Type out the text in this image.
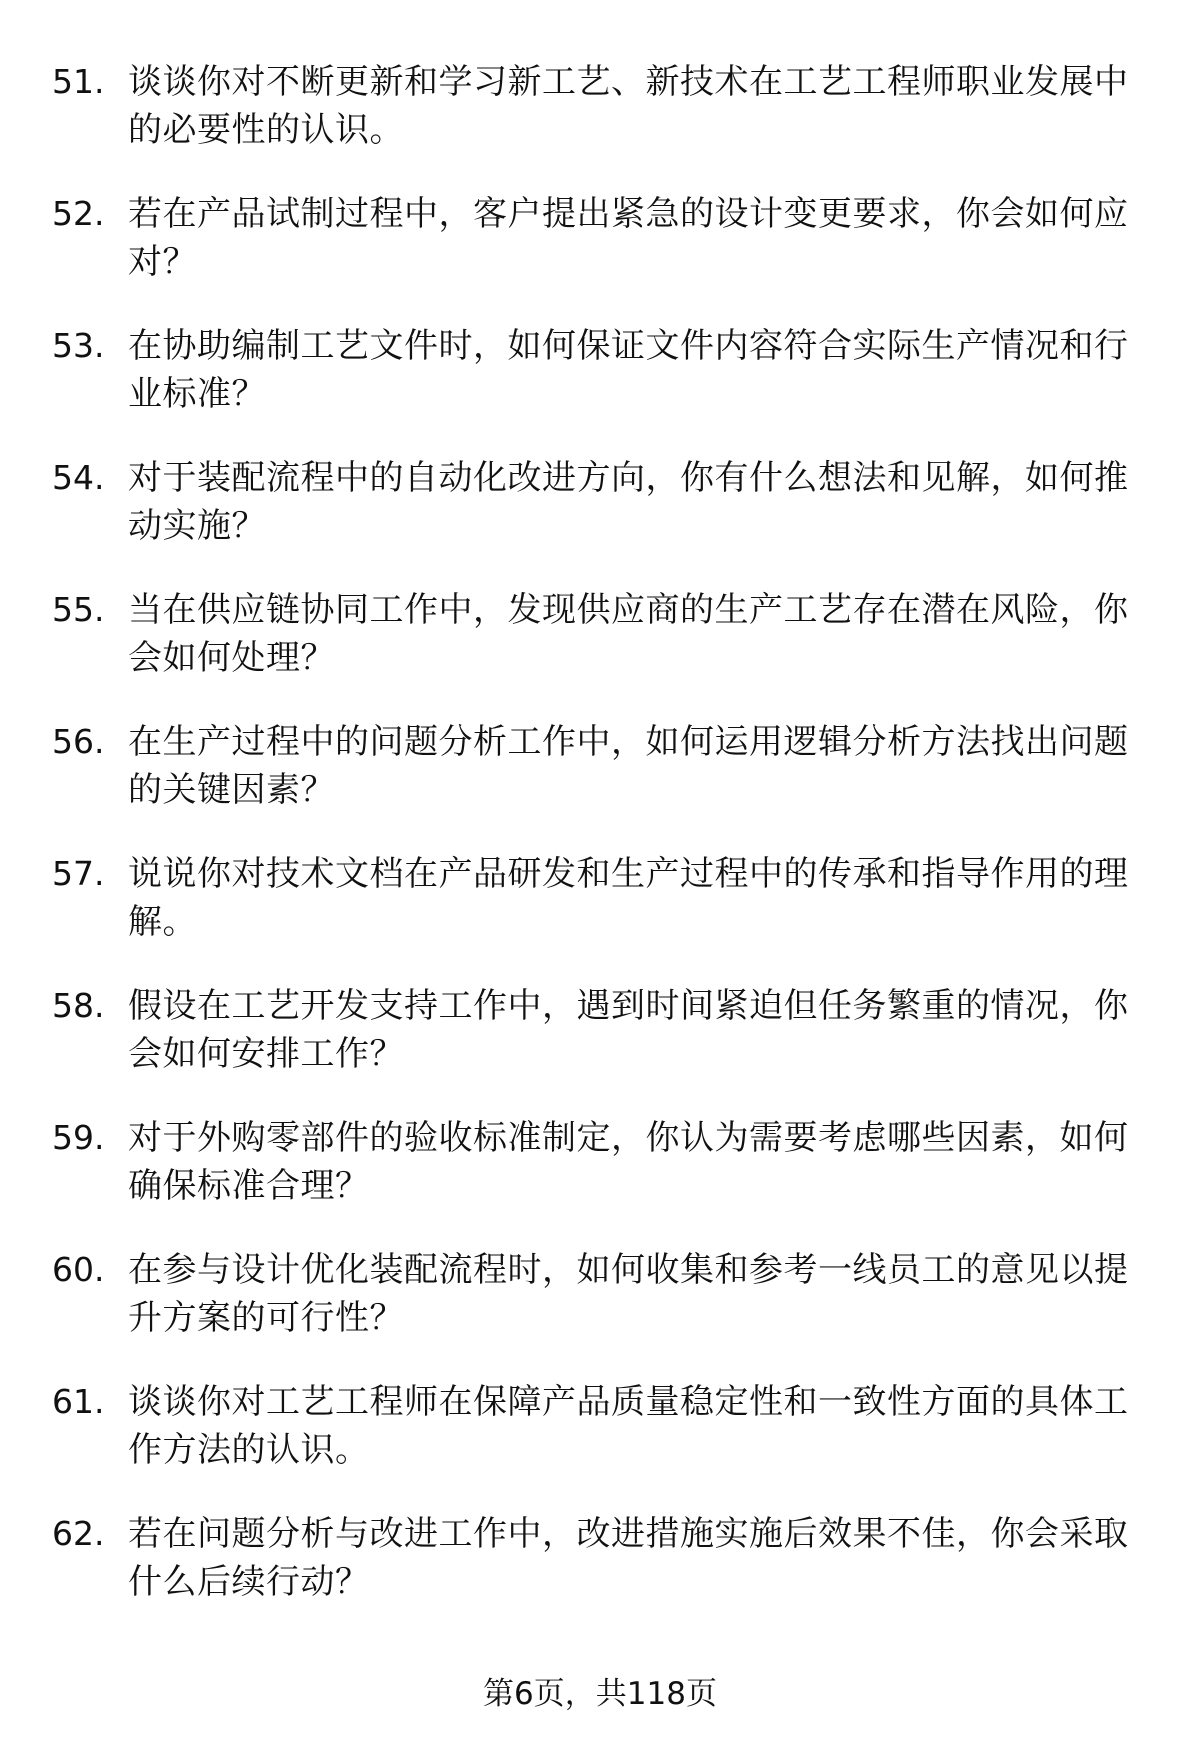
51. 谈谈你对不断更新和学习新工艺、新技术在工艺工程师职业发展中的必要性的认识。
52. 若在产品试制过程中，客户提出紧急的设计变更要求，你会如何应对？
53. 在协助编制工艺文件时，如何保证文件内容符合实际生产情况和行业标准？
54. 对于装配流程中的自动化改进方向，你有什么想法和见解，如何推动实施？
55. 当在供应链协同工作中，发现供应商的生产工艺存在潜在风险，你会如何处理？
56. 在生产过程中的问题分析工作中，如何运用逻辑分析方法找出问题的关键因素？
57. 说说你对技术文档在产品研发和生产过程中的传承和指导作用的理解。
58. 假设在工艺开发支持工作中，遇到时间紧迫但任务繁重的情况，你会如何安排工作？
59. 对于外购零部件的验收标准制定，你认为需要考虑哪些因素，如何确保标准合理？
60. 在参与设计优化装配流程时，如何收集和参考一线员工的意见以提升方案的可行性？
61. 谈谈你对工艺工程师在保障产品质量稳定性和一致性方面的具体工作方法的认识。
62. 若在问题分析与改进工作中，改进措施实施后效果不佳，你会采取什么后续行动？
第6页，共118页
